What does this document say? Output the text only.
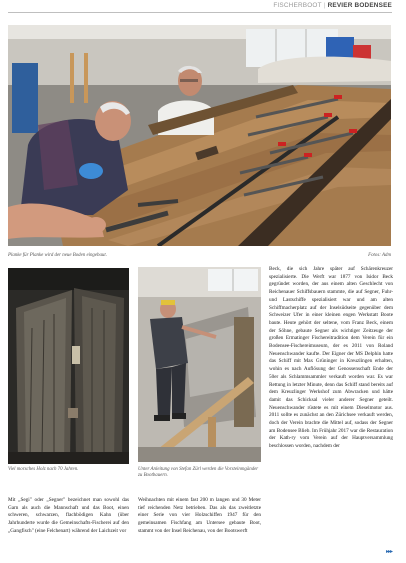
FISCHERBOOT | REVIER BODENSEE
Planke für Planke wird der neue Boden eingebaut.	Fotos: Adm
Viel morsches Holz nach 70 Jahren.	Unter Anleitung von Stefan Zürl werden die Vorsteinmgänder zu Bootbauern.

Beck, die sich Jahre später auf Schärenkreuzer spezialisierte. Die Werft war 1877 von Isidor Beck gegründet worden, der aus einem alten Geschlecht von Reichenauer Schiffsbauern stammte, die auf Segner, Fuhr- und Lastschiffe spezialisiert war und am alten Schiffmacherplatz auf der Inselsüdseite gegenüber dem Schweizer Ufer in einer kleinen engen Werkstatt Boote baute. Heute gehört der seltene, vom Franz Beck, einem der Söhne, gebaute Segner als wichtiger Zeitzeuge der großen Ermatinger Fischereitradition dem Verein für ein Bodensee-Fischereimuseum, der es 2011 von Roland Neuenschwander kaufte. Der Eigner der MS Delphin hatte das Schiff mit Max Grüninger in Kreuzlingen erhalten, wohin es nach Auflösung der Genossenschaft Ende der 50er als Schlammsammler verkauft worden war. Es war Rettung in letzter Minute, denn das Schiff stand bereits auf dem Kreuzlinger Werkshof zum Abwracken und hätte damit das Schicksal vieler anderer Segner geteilt. Neuenschwander rüstete es mit einem Dieselmotor aus. 2011 sollte es zunächst an den Zürichsee verkauft werden, doch der Verein brachte die Mittel auf, sodass der Segner am Bodensee Blieb. Im Frühjahr 2017 war die Restauration der Kath-ry vom Verein auf der Hauptversammlung beschlossen worden, nachdem der

Mit „Segi" oder „Segner" bezeichnet man sowohl das Garn als auch die Mannschaft und das Boot, einen schweren, schwarzen, flachbödigen Kahn (über Jahrhunderte wurde die Gemeinschafts-Fischerei auf den „Gangfisch" (eine Felchenart) während der Laichzeit vor

Weihnachten mit einem fast 200 m langen und 30 Meter tief reichenden Netz betrieben. Das als das zweitletzte einer Serie von vier Holzschiffen 1947 für den gemeinsamen Fischfang am Untersee gebaute Boot, stammt von der Insel Reichenau, von der Bootswerft

▸▸▸
